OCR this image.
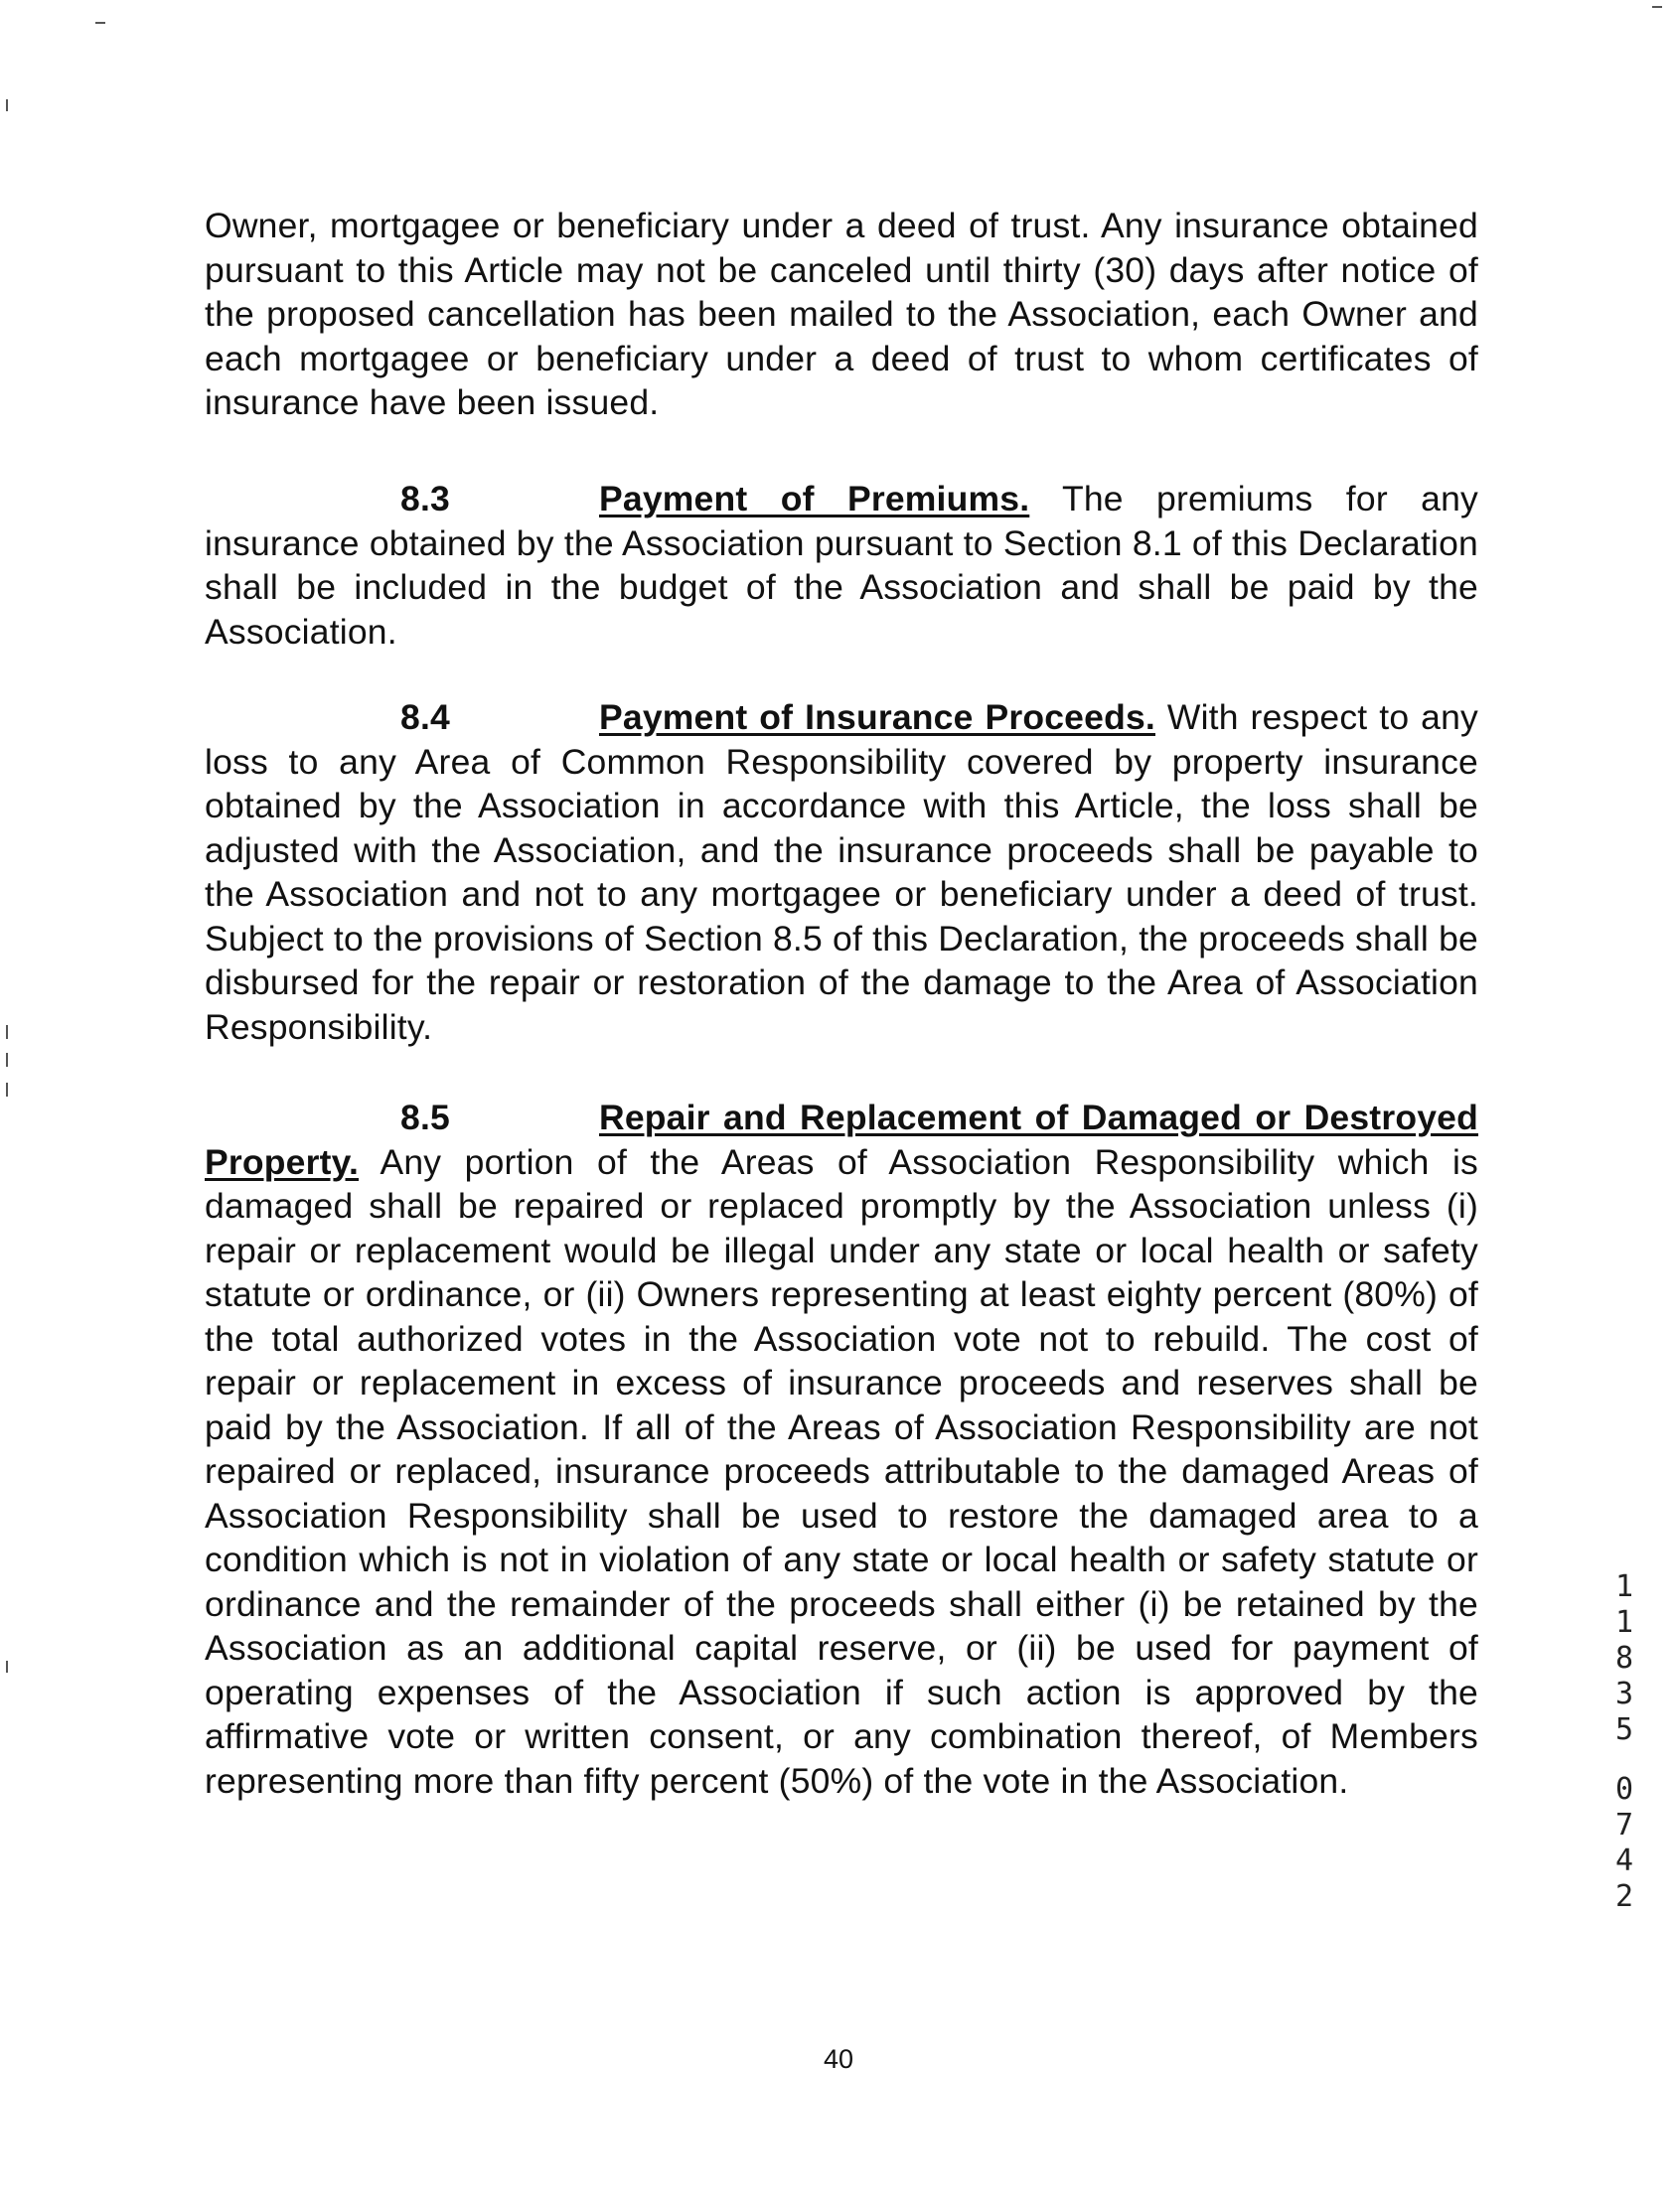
Owner, mortgagee or beneficiary under a deed of trust. Any insurance obtained pursuant to this Article may not be canceled until thirty (30) days after notice of the proposed cancellation has been mailed to the Association, each Owner and each mortgagee or beneficiary under a deed of trust to whom certificates of insurance have been issued.

8.3	Payment of Premiums. The premiums for any insurance obtained by the Association pursuant to Section 8.1 of this Declaration shall be included in the budget of the Association and shall be paid by the Association.

8.4	Payment of Insurance Proceeds. With respect to any loss to any Area of Common Responsibility covered by property insurance obtained by the Association in accordance with this Article, the loss shall be adjusted with the Association, and the insurance proceeds shall be payable to the Association and not to any mortgagee or beneficiary under a deed of trust. Subject to the provisions of Section 8.5 of this Declaration, the proceeds shall be disbursed for the repair or restoration of the damage to the Area of Association Responsibility.

8.5	Repair and Replacement of Damaged or Destroyed Property. Any portion of the Areas of Association Responsibility which is damaged shall be repaired or replaced promptly by the Association unless (i) repair or replacement would be illegal under any state or local health or safety statute or ordinance, or (ii) Owners representing at least eighty percent (80%) of the total authorized votes in the Association vote not to rebuild. The cost of repair or replacement in excess of insurance proceeds and reserves shall be paid by the Association. If all of the Areas of Association Responsibility are not repaired or replaced, insurance proceeds attributable to the damaged Areas of Association Responsibility shall be used to restore the damaged area to a condition which is not in violation of any state or local health or safety statute or ordinance and the remainder of the proceeds shall either (i) be retained by the Association as an additional capital reserve, or (ii) be used for payment of operating expenses of the Association if such action is approved by the affirmative vote or written consent, or any combination thereof, of Members representing more than fifty percent (50%) of the vote in the Association.

40
1
1
8
3
5
0
7
4
2
